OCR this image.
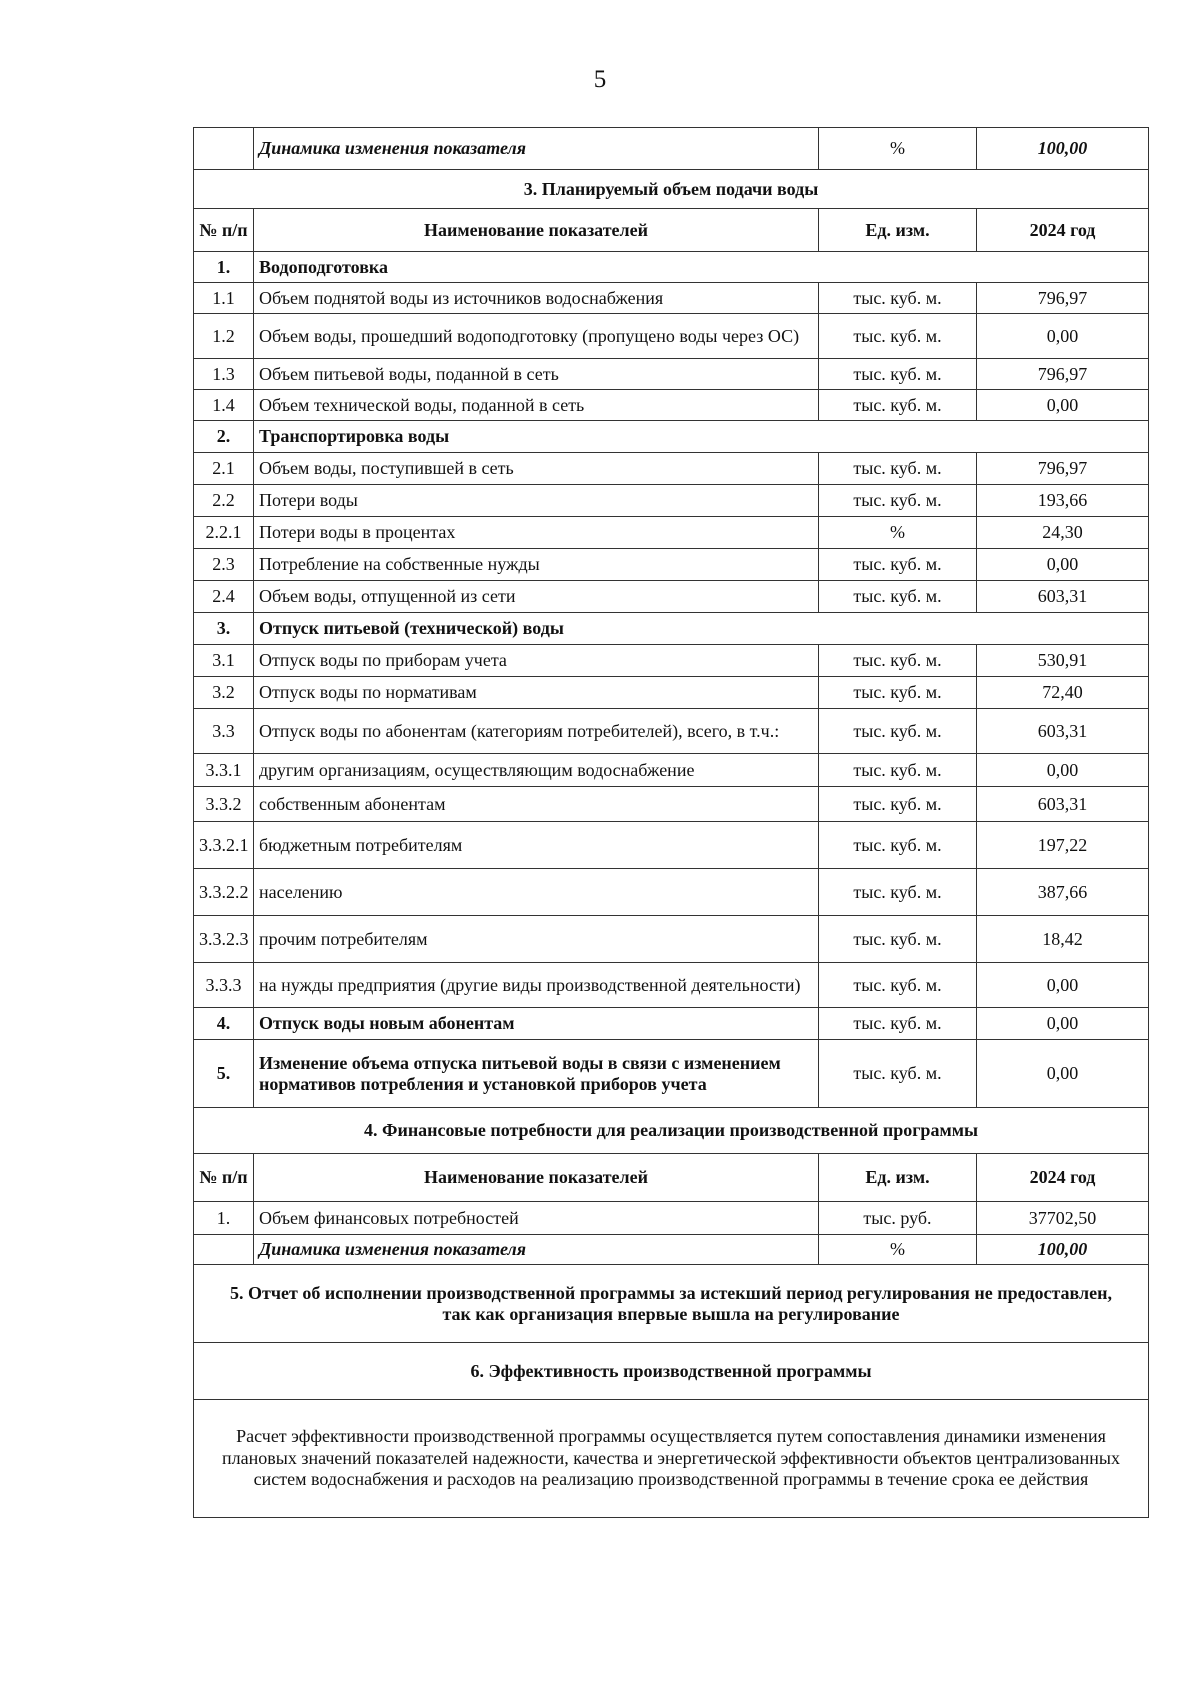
5
	Динамика изменения показателя	%	100,00
3. Планируемый объем подачи воды			
№ п/п	Наименование показателей	Ед. изм.	2024 год
1.	Водоподготовка		
1.1	Объем поднятой воды из источников водоснабжения	тыс. куб. м.	796,97
1.2	Объем воды, прошедший водоподготовку (пропущено воды через ОС)	тыс. куб. м.	0,00
1.3	Объем питьевой воды, поданной в сеть	тыс. куб. м.	796,97
1.4	Объем технической воды, поданной в сеть	тыс. куб. м.	0,00
2.	Транспортировка воды		
2.1	Объем воды, поступившей в сеть	тыс. куб. м.	796,97
2.2	Потери воды	тыс. куб. м.	193,66
2.2.1	Потери воды в процентах	%	24,30
2.3	Потребление на собственные нужды	тыс. куб. м.	0,00
2.4	Объем воды, отпущенной из сети	тыс. куб. м.	603,31
3.	Отпуск питьевой (технической) воды		
3.1	Отпуск воды по приборам учета	тыс. куб. м.	530,91
3.2	Отпуск воды по нормативам	тыс. куб. м.	72,40
3.3	Отпуск воды по абонентам (категориям потребителей), всего, в т.ч.:	тыс. куб. м.	603,31
3.3.1	другим организациям, осуществляющим водоснабжение	тыс. куб. м.	0,00
3.3.2	собственным абонентам	тыс. куб. м.	603,31
3.3.2.1	бюджетным потребителям	тыс. куб. м.	197,22
3.3.2.2	населению	тыс. куб. м.	387,66
3.3.2.3	прочим потребителям	тыс. куб. м.	18,42
3.3.3	на нужды предприятия (другие виды производственной деятельности)	тыс. куб. м.	0,00
4.	Отпуск воды новым абонентам	тыс. куб. м.	0,00
5.	Изменение объема отпуска питьевой воды в связи с изменением нормативов потребления и установкой приборов учета	тыс. куб. м.	0,00
4. Финансовые потребности для реализации производственной программы			
№ п/п	Наименование показателей	Ед. изм.	2024 год
1.	Объем финансовых потребностей	тыс. руб.	37702,50
	Динамика изменения показателя	%	100,00
5. Отчет об исполнении производственной программы за истекший период регулирования не предоставлен, так как организация впервые вышла на регулирование			
6. Эффективность производственной программы			
Расчет эффективности производственной программы осуществляется путем сопоставления динамики изменения плановых значений показателей надежности, качества и энергетической эффективности объектов централизованных систем водоснабжения и расходов на реализацию производственной программы в течение срока ее действия			
